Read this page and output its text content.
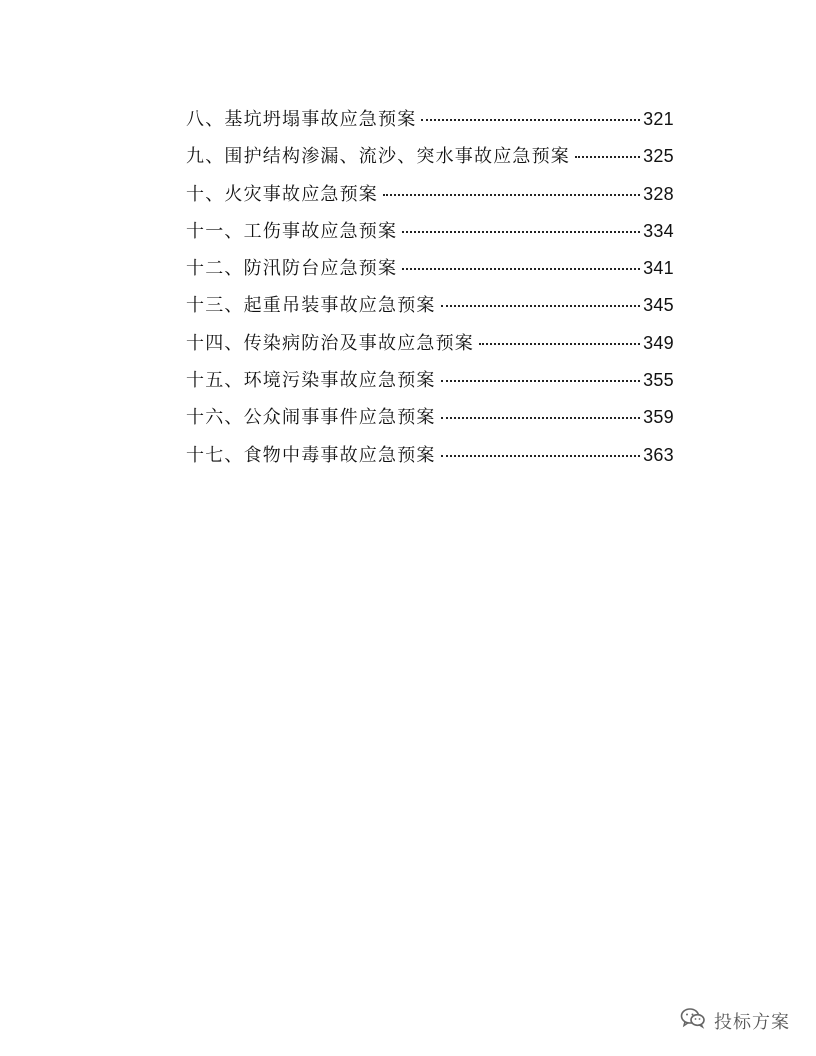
八、基坑坍塌事故应急预案	321
九、围护结构渗漏、流沙、突水事故应急预案	325
十、火灾事故应急预案	328
十一、工伤事故应急预案	334
十二、防汛防台应急预案	341
十三、起重吊装事故应急预案	345
十四、传染病防治及事故应急预案	349
十五、环境污染事故应急预案	355
十六、公众闹事事件应急预案	359
十七、食物中毒事故应急预案	363
投标方案
